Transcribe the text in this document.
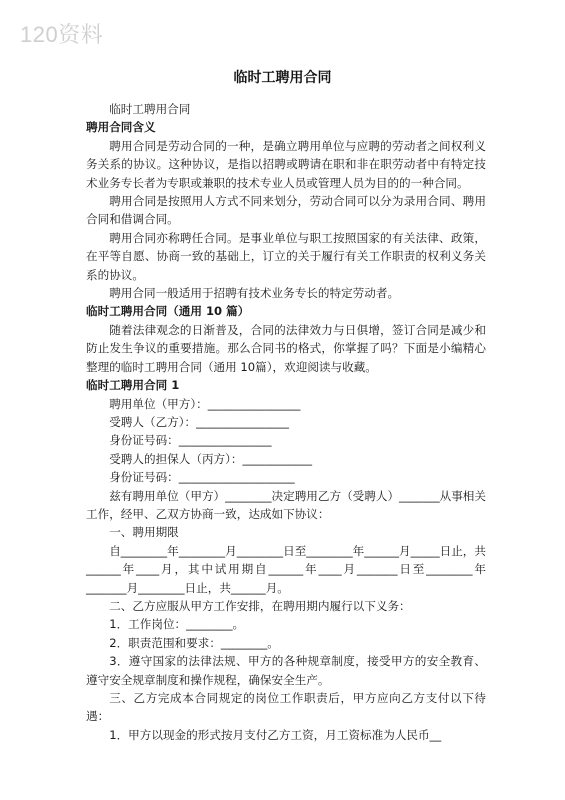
120资料
临时工聘用合同

临时工聘用合同

聘用合同含义

聘用合同是劳动合同的一种，是确立聘用单位与应聘的劳动者之间权利义务关系的协议。这种协议，是指以招聘或聘请在职和非在职劳动者中有特定技术业务专长者为专职或兼职的技术专业人员或管理人员为目的的一种合同。

聘用合同是按照用人方式不同来划分，劳动合同可以分为录用合同、聘用合同和借调合同。

聘用合同亦称聘任合同。是事业单位与职工按照国家的有关法律、政策，在平等自愿、协商一致的基础上，订立的关于履行有关工作职责的权利义务关系的协议。

聘用合同一般适用于招聘有技术业务专长的特定劳动者。

临时工聘用合同（通用 10 篇）

随着法律观念的日渐普及，合同的法律效力与日俱增，签订合同是减少和防止发生争议的重要措施。那么合同书的格式，你掌握了吗？下面是小编精心整理的临时工聘用合同（通用 10篇），欢迎阅读与收藏。

临时工聘用合同 1

聘用单位（甲方）：________________

受聘人（乙方）：________________

身份证号码：________________

受聘人的担保人（丙方）：____________

身份证号码：____________________

兹有聘用单位（甲方）________决定聘用乙方（受聘人）_______从事相关工作，经甲、乙双方协商一致，达成如下协议：

一、聘用期限

自________年________月________日至________年______月_____日止，共______年____月，其中试用期自______年____月_______日至________年_______月________日止，共______月。

二、乙方应服从甲方工作安排，在聘用期内履行以下义务：

1．工作岗位：________。

2．职责范围和要求：________。

3．遵守国家的法律法规、甲方的各种规章制度，接受甲方的安全教育、遵守安全规章制度和操作规程，确保安全生产。

三、乙方完成本合同规定的岗位工作职责后，甲方应向乙方支付以下待遇：

1．甲方以现金的形式按月支付乙方工资，月工资标准为人民币__
